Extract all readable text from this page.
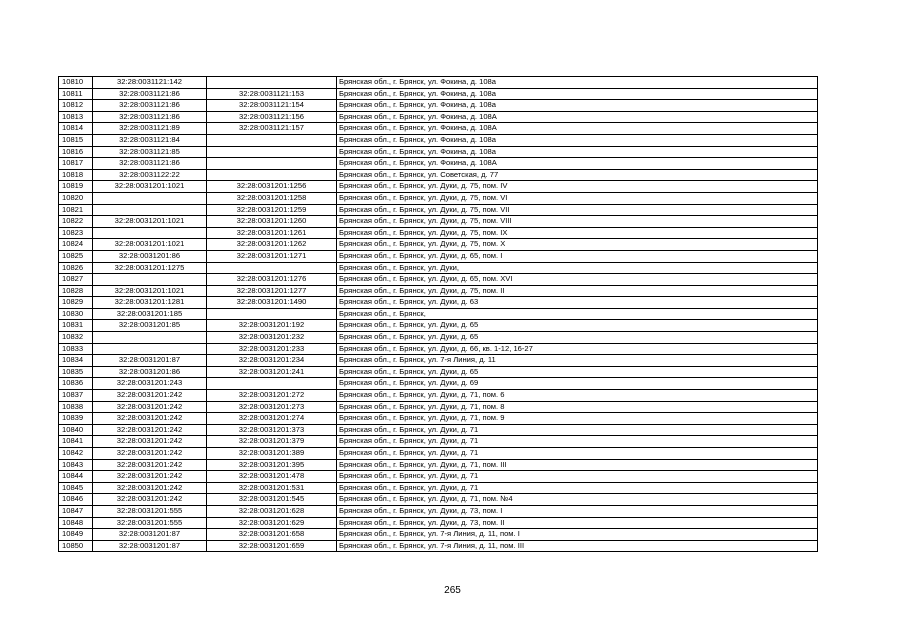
10810	32:28:0031121:142		Брянская обл., г. Брянск, ул. Фокина, д. 108а
10811	32:28:0031121:86	32:28:0031121:153	Брянская обл., г. Брянск, ул. Фокина, д. 108а
10812	32:28:0031121:86	32:28:0031121:154	Брянская обл., г. Брянск, ул. Фокина, д. 108а
10813	32:28:0031121:86	32:28:0031121:156	Брянская обл., г. Брянск, ул. Фокина, д. 108А
10814	32:28:0031121:89	32:28:0031121:157	Брянская обл., г. Брянск, ул. Фокина, д. 108А
10815	32:28:0031121:84		Брянская обл., г. Брянск, ул. Фокина, д. 108а
10816	32:28:0031121:85		Брянская обл., г. Брянск, ул. Фокина, д. 108а
10817	32:28:0031121:86		Брянская обл., г. Брянск, ул. Фокина, д. 108А
10818	32:28:0031122:22		Брянская обл., г. Брянск, ул. Советская, д. 77
10819	32:28:0031201:1021	32:28:0031201:1256	Брянская обл., г. Брянск, ул. Дуки, д. 75, пом. IV
10820		32:28:0031201:1258	Брянская обл., г. Брянск, ул. Дуки, д. 75, пом. VI
10821		32:28:0031201:1259	Брянская обл., г. Брянск, ул. Дуки, д. 75, пом. VII
10822	32:28:0031201:1021	32:28:0031201:1260	Брянская обл., г. Брянск, ул. Дуки, д. 75, пом. VIII
10823		32:28:0031201:1261	Брянская обл., г. Брянск, ул. Дуки, д. 75, пом. IX
10824	32:28:0031201:1021	32:28:0031201:1262	Брянская обл., г. Брянск, ул. Дуки, д. 75, пом. X
10825	32:28:0031201:86	32:28:0031201:1271	Брянская обл., г. Брянск, ул. Дуки, д. 65, пом. I
10826	32:28:0031201:1275		Брянская обл., г. Брянск, ул. Дуки,
10827		32:28:0031201:1276	Брянская обл., г. Брянск, ул. Дуки, д. 65, пом. XVI
10828	32:28:0031201:1021	32:28:0031201:1277	Брянская обл., г. Брянск, ул. Дуки, д. 75, пом. II
10829	32:28:0031201:1281	32:28:0031201:1490	Брянская обл., г. Брянск, ул. Дуки, д. 63
10830	32:28:0031201:185		Брянская обл., г. Брянск,
10831	32:28:0031201:85	32:28:0031201:192	Брянская обл., г. Брянск, ул. Дуки, д. 65
10832		32:28:0031201:232	Брянская обл., г. Брянск, ул. Дуки, д. 65
10833		32:28:0031201:233	Брянская обл., г. Брянск, ул. Дуки, д. 66, кв. 1-12, 16-27
10834	32:28:0031201:87	32:28:0031201:234	Брянская обл., г. Брянск, ул. 7-я Линия, д. 11
10835	32:28:0031201:86	32:28:0031201:241	Брянская обл., г. Брянск, ул. Дуки, д. 65
10836	32:28:0031201:243		Брянская обл., г. Брянск, ул. Дуки, д. 69
10837	32:28:0031201:242	32:28:0031201:272	Брянская обл., г. Брянск, ул. Дуки, д. 71, пом. 6
10838	32:28:0031201:242	32:28:0031201:273	Брянская обл., г. Брянск, ул. Дуки, д. 71, пом. 8
10839	32:28:0031201:242	32:28:0031201:274	Брянская обл., г. Брянск, ул. Дуки, д. 71, пом. 9
10840	32:28:0031201:242	32:28:0031201:373	Брянская обл., г. Брянск, ул. Дуки, д. 71
10841	32:28:0031201:242	32:28:0031201:379	Брянская обл., г. Брянск, ул. Дуки, д. 71
10842	32:28:0031201:242	32:28:0031201:389	Брянская обл., г. Брянск, ул. Дуки, д. 71
10843	32:28:0031201:242	32:28:0031201:395	Брянская обл., г. Брянск, ул. Дуки, д. 71, пом. III
10844	32:28:0031201:242	32:28:0031201:478	Брянская обл., г. Брянск, ул. Дуки, д. 71
10845	32:28:0031201:242	32:28:0031201:531	Брянская обл., г. Брянск, ул. Дуки, д. 71
10846	32:28:0031201:242	32:28:0031201:545	Брянская обл., г. Брянск, ул. Дуки, д. 71, пом. №4
10847	32:28:0031201:555	32:28:0031201:628	Брянская обл., г. Брянск, ул. Дуки, д. 73, пом. I
10848	32:28:0031201:555	32:28:0031201:629	Брянская обл., г. Брянск, ул. Дуки, д. 73, пом. II
10849	32:28:0031201:87	32:28:0031201:658	Брянская обл., г. Брянск, ул. 7-я Линия, д. 11, пом. I
10850	32:28:0031201:87	32:28:0031201:659	Брянская обл., г. Брянск, ул. 7-я Линия, д. 11, пом. III
265
